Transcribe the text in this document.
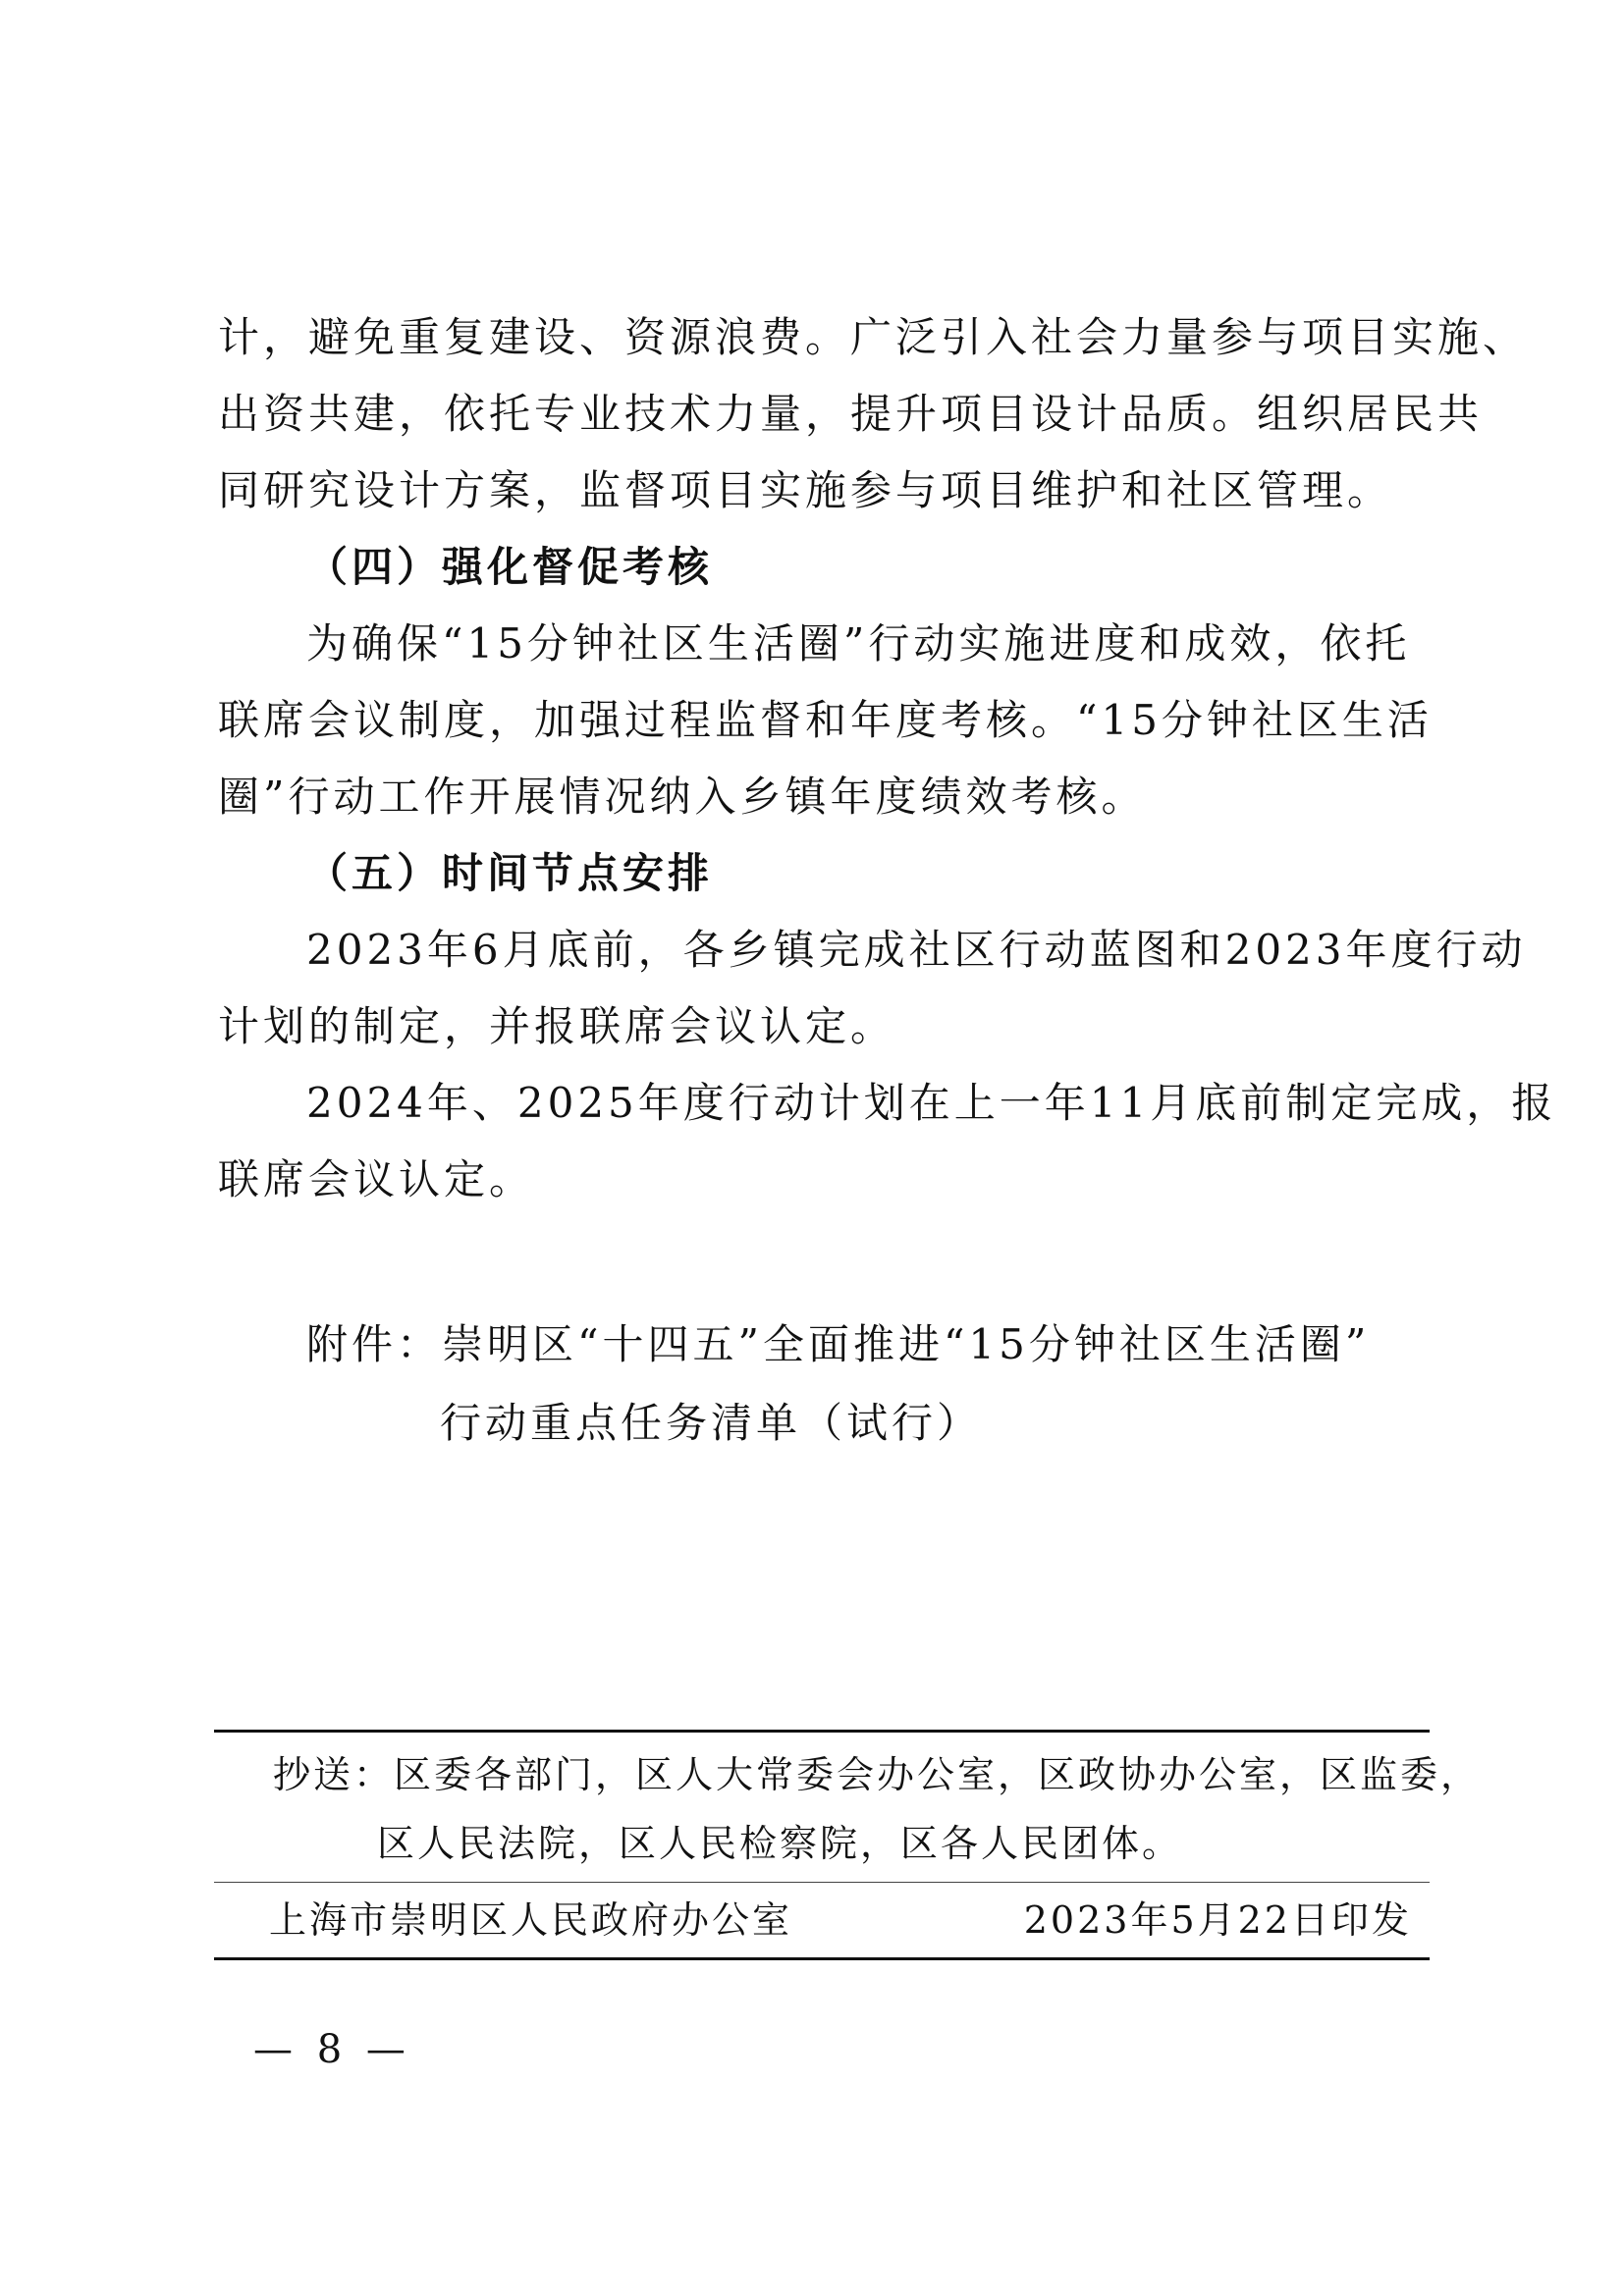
计，避免重复建设、资源浪费。广泛引入社会力量参与项目实施、
出资共建，依托专业技术力量，提升项目设计品质。组织居民共
同研究设计方案，监督项目实施参与项目维护和社区管理。
（四）强化督促考核
为确保“15分钟社区生活圈”行动实施进度和成效，依托
联席会议制度，加强过程监督和年度考核。“15分钟社区生活
圈”行动工作开展情况纳入乡镇年度绩效考核。
（五）时间节点安排
2023年6月底前，各乡镇完成社区行动蓝图和2023年度行动
计划的制定，并报联席会议认定。
2024年、2025年度行动计划在上一年11月底前制定完成，报
联席会议认定。
附件：崇明区“十四五”全面推进“15分钟社区生活圈”
行动重点任务清单（试行）
抄送：区委各部门，区人大常委会办公室，区政协办公室，区监委，
区人民法院，区人民检察院，区各人民团体。
上海市崇明区人民政府办公室	2023年5月22日印发
— 8 —
